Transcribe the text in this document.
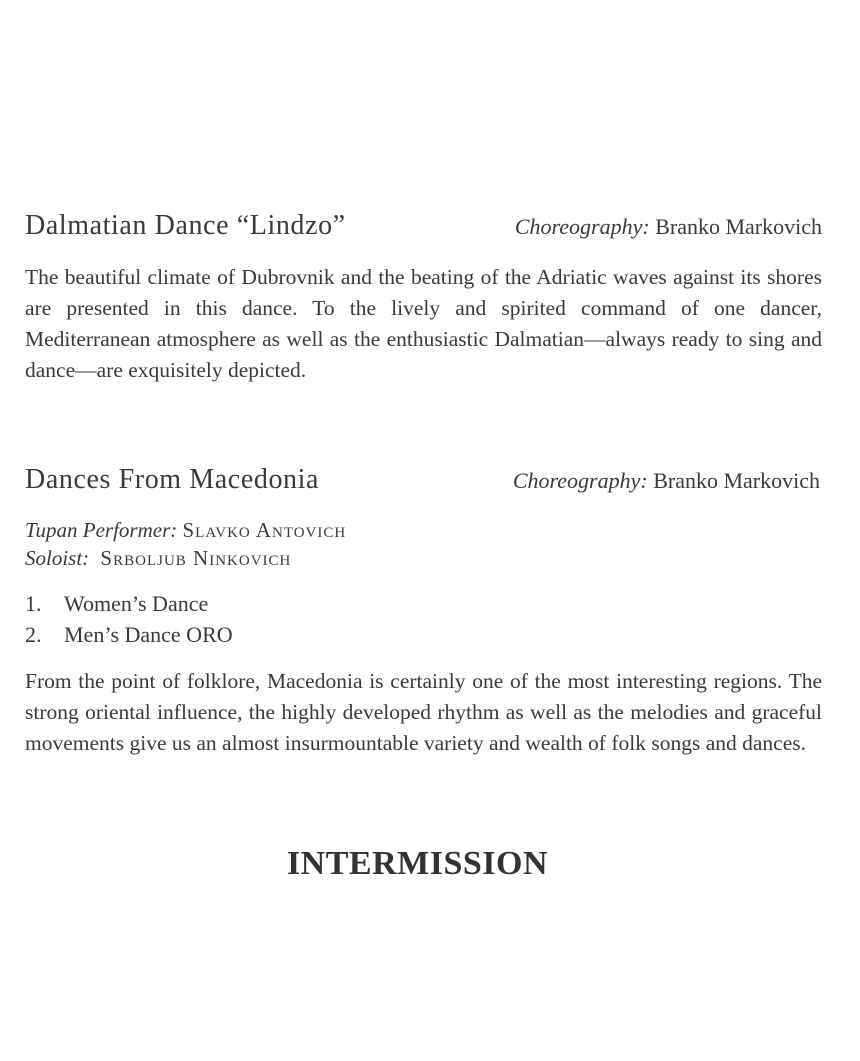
Dalmatian Dance “Lindzo”	Choreography: Branko Markovich

The beautiful climate of Dubrovnik and the beating of the Adriatic waves against its shores are presented in this dance. To the lively and spirited command of one dancer, Mediterranean atmosphere as well as the enthusiastic Dalmatian—always ready to sing and dance—are exquisitely depicted.

Dances From Macedonia	Choreography: Branko Markovich
Tupan Performer: Slavko Antovich
Soloist: Srboljub Ninkovich
1. Women’s Dance
2. Men’s Dance ORO

From the point of folklore, Macedonia is certainly one of the most interesting regions. The strong oriental influence, the highly developed rhythm as well as the melodies and graceful movements give us an almost insurmountable variety and wealth of folk songs and dances.

INTERMISSION
